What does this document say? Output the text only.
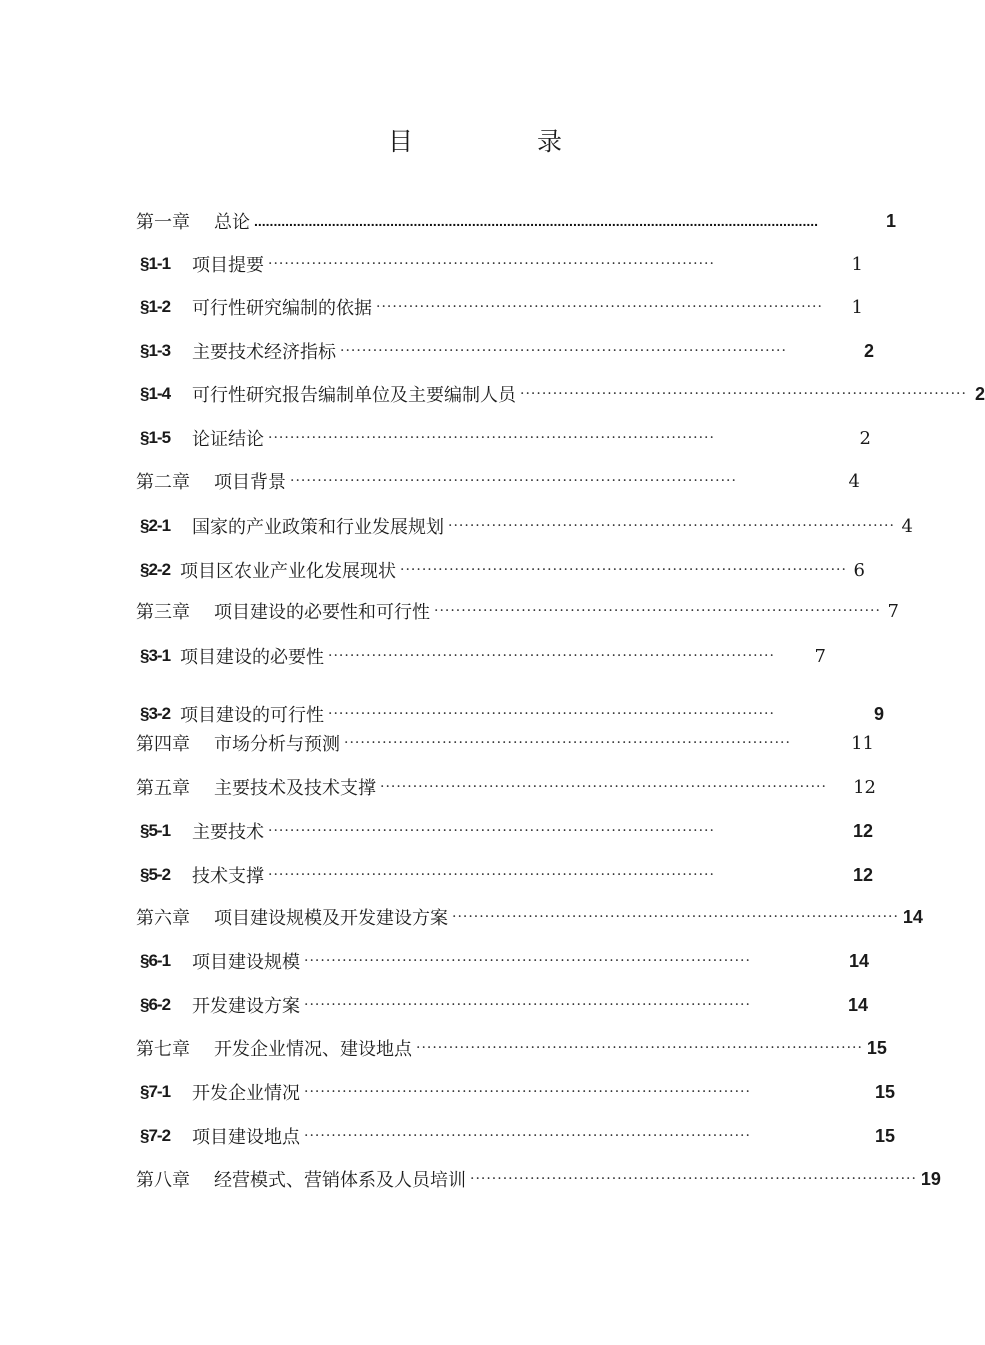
目 录
第一章 总论 .................................................................................................................................................	1
§1-1 项目提要 ··················································································	1
§1-2 可行性研究编制的依据 ··················································································	1
§1-3 主要技术经济指标 ··················································································	2
§1-4 可行性研究报告编制单位及主要编制人员 ·················································································· 2
§1-5 论证结论 ··················································································	2
第二章 项目背景 ··················································································	4
§2-1 国家的产业政策和行业发展规划 ·················································································· 4
§2-2 项目区农业产业化发展现状 ·················································································· 6
第三章 项目建设的必要性和可行性 ·················································································· 7
§3-1 项目建设的必要性 ··················································································	7
§3-2 项目建设的可行性 ··················································································	9
第四章 市场分析与预测 ··················································································	11
第五章 主要技术及技术支撑 ··················································································	12
§5-1 主要技术 ··················································································	12
§5-2 技术支撑 ··················································································	12
第六章 项目建设规模及开发建设方案 ·················································································· 14
§6-1 项目建设规模 ··················································································	14
§6-2 开发建设方案 ··················································································	14
第七章 开发企业情况、建设地点 ·················································································· 15
§7-1 开发企业情况 ··················································································	15
§7-2 项目建设地点 ··················································································	15
第八章 经营模式、营销体系及人员培训 ·················································································· 19
